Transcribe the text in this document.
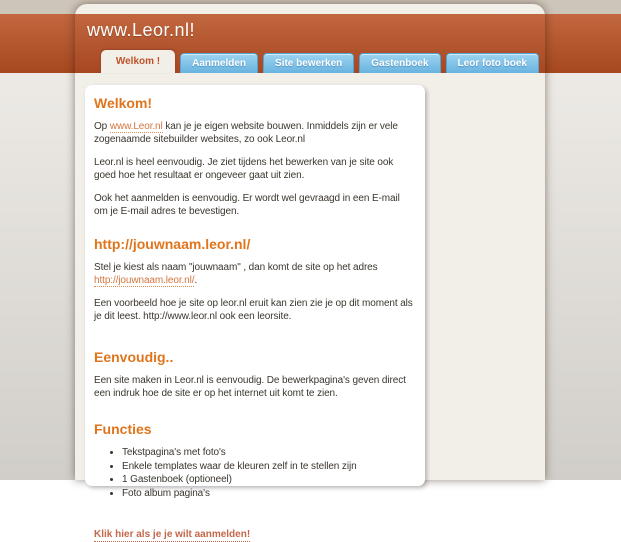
www.Leor.nl!
Welkom !	Aanmelden	Site bewerken	Gastenboek	Leor foto boek
Welkom!

Op www.Leor.nl kan je je eigen website bouwen. Inmiddels zijn er vele zogenaamde sitebuilder websites, zo ook Leor.nl

Leor.nl is heel eenvoudig. Je ziet tijdens het bewerken van je site ook goed hoe het resultaat er ongeveer gaat uit zien.

Ook het aanmelden is eenvoudig. Er wordt wel gevraagd in een E-mail om je E-mail adres te bevestigen.

http://jouwnaam.leor.nl/

Stel je kiest als naam "jouwnaam" , dan komt de site op het adres http://jouwnaam.leor.nl/.

Een voorbeeld hoe je site op leor.nl eruit kan zien zie je op dit moment als je dit leest. http://www.leor.nl ook een leorsite.

Eenvoudig..

Een site maken in Leor.nl is eenvoudig. De bewerkpagina's geven direct een indruk hoe de site er op het internet uit komt te zien.

Functies
• Tekstpagina's met foto's
• Enkele templates waar de kleuren zelf in te stellen zijn
• 1 Gastenboek (optioneel)
• Foto album pagina's
Klik hier als je je wilt aanmelden!
